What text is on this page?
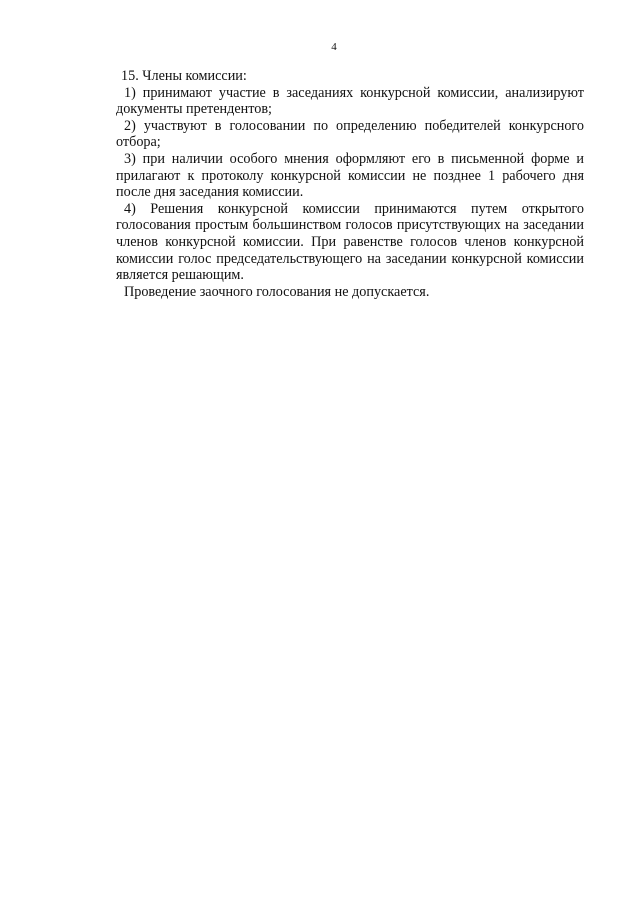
4

15. Члены комиссии:

1) принимают участие в заседаниях конкурсной комиссии, анализируют документы претендентов;

2) участвуют в голосовании по определению победителей конкурсного отбора;

3) при наличии особого мнения оформляют его в письменной форме и прилагают к протоколу конкурсной комиссии не позднее 1 рабочего дня после дня заседания комиссии.

4) Решения конкурсной комиссии принимаются путем открытого голосования простым большинством голосов присутствующих на заседании членов конкурсной комиссии. При равенстве голосов членов конкурсной комиссии голос председательствующего на заседании конкурсной комиссии является решающим.

Проведение заочного голосования не допускается.
